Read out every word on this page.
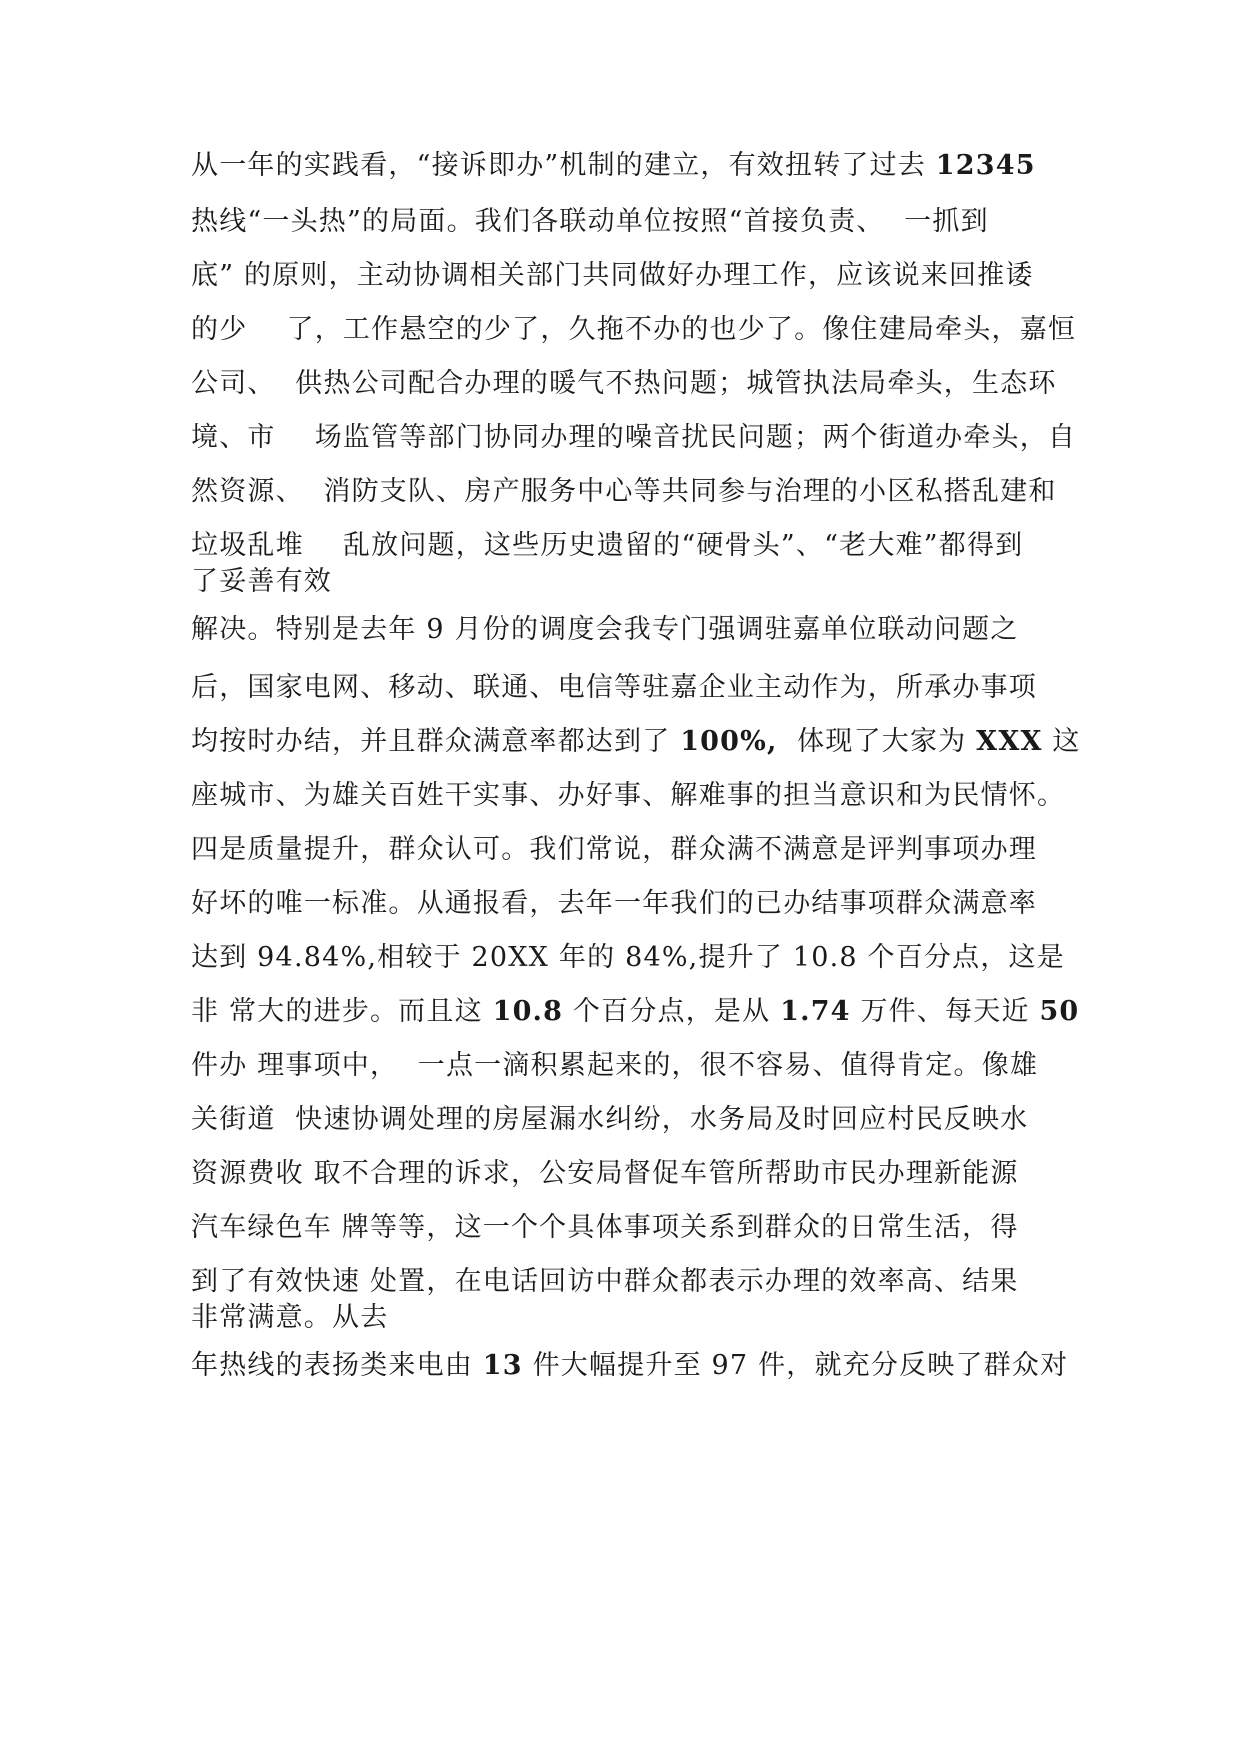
从一年的实践看，“接诉即办”机制的建立，有效扭转了过去 12345
热线“一头热”的局面。我们各联动单位按照“首接负责、  一抓到
底” 的原则，主动协调相关部门共同做好办理工作，应该说来回推诿
的少    了，工作悬空的少了，久拖不办的也少了。像住建局牵头，嘉恒
公司、  供热公司配合办理的暖气不热问题；城管执法局牵头，生态环
境、市    场监管等部门协同办理的噪音扰民问题；两个街道办牵头，自
然资源、  消防支队、房产服务中心等共同参与治理的小区私搭乱建和
垃圾乱堆    乱放问题，这些历史遗留的“硬骨头”、“老大难”都得到
了妥善有效
解决。特别是去年 9 月份的调度会我专门强调驻嘉单位联动问题之
后，国家电网、移动、联通、电信等驻嘉企业主动作为，所承办事项
均按时办结，并且群众满意率都达到了 100%,  体现了大家为 XXX 这
座城市、为雄关百姓干实事、办好事、解难事的担当意识和为民情怀。
四是质量提升，群众认可。我们常说，群众满不满意是评判事项办理
好坏的唯一标准。从通报看，去年一年我们的已办结事项群众满意率
达到 94.84%,相较于 20XX 年的 84%,提升了 10.8 个百分点，这是
非 常大的进步。而且这 10.8 个百分点，是从 1.74 万件、每天近 50
件办 理事项中，  一点一滴积累起来的，很不容易、值得肯定。像雄
关街道  快速协调处理的房屋漏水纠纷，水务局及时回应村民反映水
资源费收 取不合理的诉求，公安局督促车管所帮助市民办理新能源
汽车绿色车 牌等等，这一个个具体事项关系到群众的日常生活，得
到了有效快速 处置，在电话回访中群众都表示办理的效率高、结果
非常满意。从去
年热线的表扬类来电由 13 件大幅提升至 97 件，就充分反映了群众对
